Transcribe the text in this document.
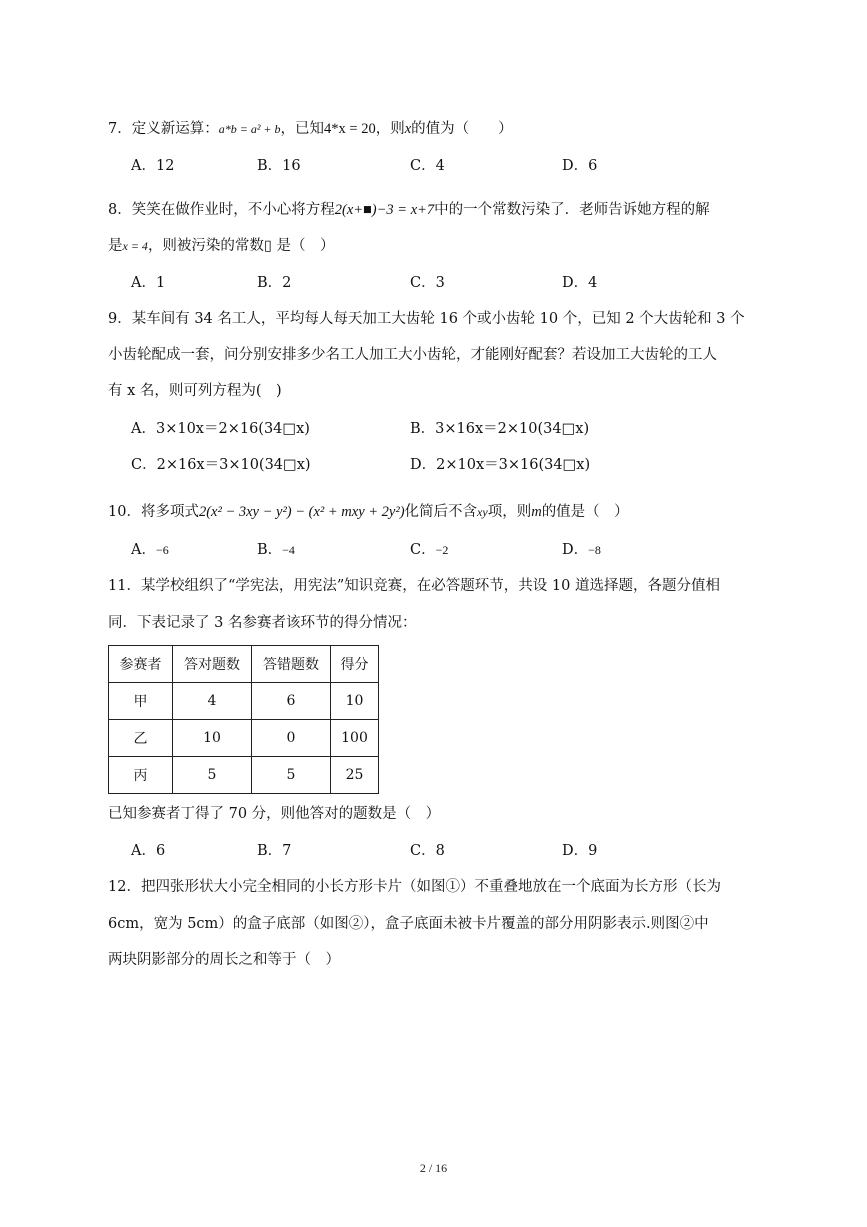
7．定义新运算：a*b = a² + b，已知4*x = 20，则x的值为（　　）
A．12	B．16	C．4	D．6
8．笑笑在做作业时，不小心将方程2(x+■)−3 = x+7中的一个常数污染了．老师告诉她方程的解
是x = 4，则被污染的常数▯ 是（　）
A．1	B．2	C．3	D．4
9．某车间有 34 名工人，平均每人每天加工大齿轮 16 个或小齿轮 10 个，已知 2 个大齿轮和 3 个
小齿轮配成一套，问分别安排多少名工人加工大小齿轮，才能刚好配套？若设加工大齿轮的工人
有 x 名，则可列方程为(　)
A．3×10x＝2×16(34□x)	B．3×16x＝2×10(34□x)
C．2×16x＝3×10(34□x)	D．2×10x＝3×16(34□x)
10．将多项式2(x² − 3xy − y²) − (x² + mxy + 2y²)化简后不含xy项，则m的值是（　）
A．−6	B．−4	C．−2	D．−8
11．某学校组织了“学宪法，用宪法”知识竞赛，在必答题环节，共设 10 道选择题，各题分值相
同．下表记录了 3 名参赛者该环节的得分情况：
参赛者	答对题数	答错题数	得分
甲	4	6	10
乙	10	0	100
丙	5	5	25
已知参赛者丁得了 70 分，则他答对的题数是（　）
A．6	B．7	C．8	D．9
12．把四张形状大小完全相同的小长方形卡片（如图①）不重叠地放在一个底面为长方形（长为
6cm，宽为 5cm）的盒子底部（如图②），盒子底面未被卡片覆盖的部分用阴影表示.则图②中
两块阴影部分的周长之和等于（　）
2 / 16
